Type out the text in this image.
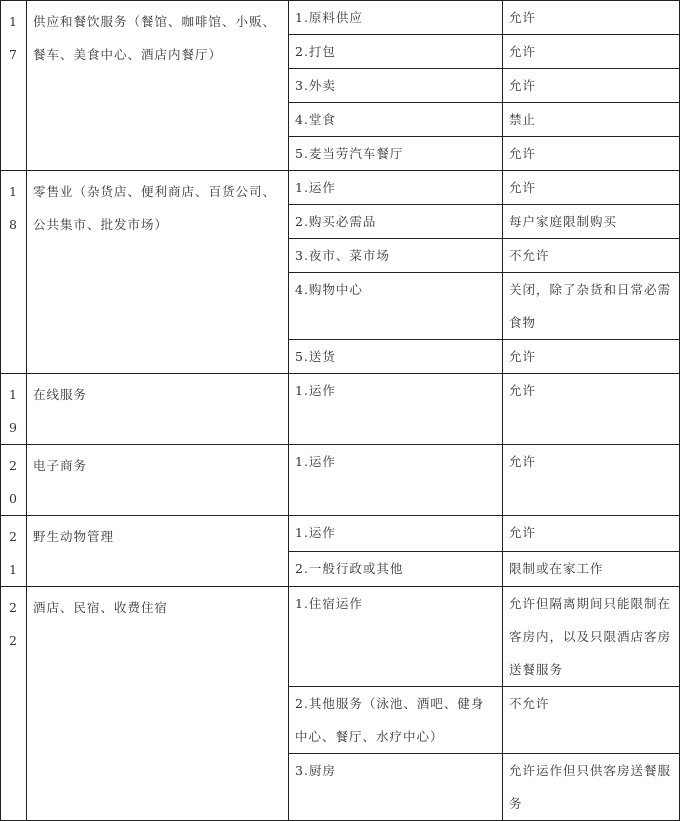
17	供应和餐饮服务（餐馆、咖啡馆、小贩、餐车、美食中心、酒店内餐厅）	1.原料供应	允许
		2.打包	允许
		3.外卖	允许
		4.堂食	禁止
		5.麦当劳汽车餐厅	允许

18	零售业（杂货店、便利商店、百货公司、公共集市、批发市场）	1.运作	允许
		2.购买必需品	每户家庭限制购买
		3.夜市、菜市场	不允许
		4.购物中心	关闭，除了杂货和日常必需食物
		5.送货	允许

19	在线服务	1.运作	允许

20	电子商务	1.运作	允许

21	野生动物管理	1.运作	允许
		2.一般行政或其他	限制或在家工作

22	酒店、民宿、收费住宿	1.住宿运作	允许但隔离期间只能限制在客房内，以及只限酒店客房送餐服务
		2.其他服务（泳池、酒吧、健身中心、餐厅、水疗中心）	不允许
		3.厨房	允许运作但只供客房送餐服务
